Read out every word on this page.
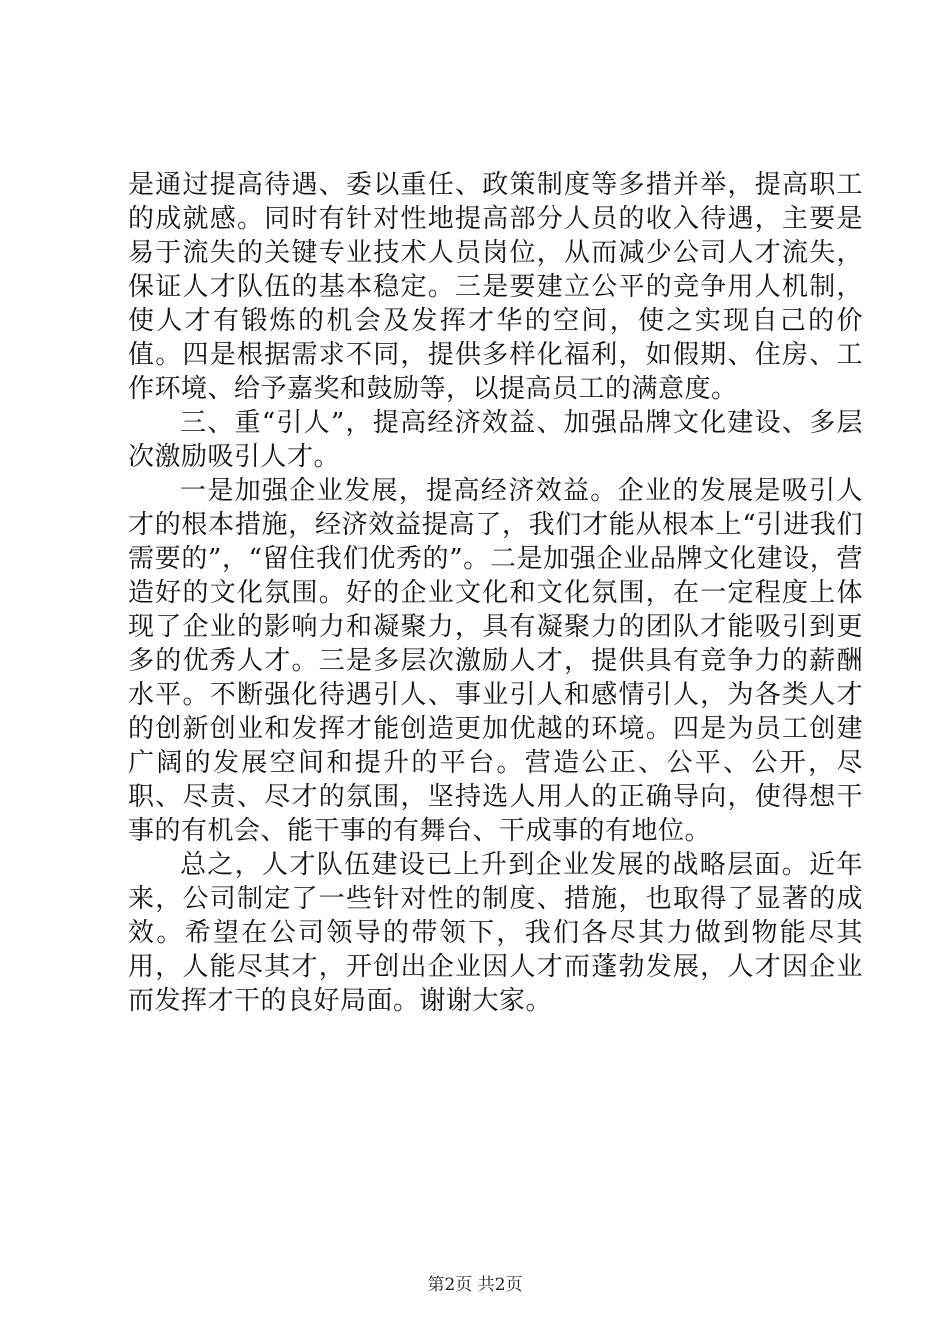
是通过提高待遇、委以重任、政策制度等多措并举，提高职工的成就感。同时有针对性地提高部分人员的收入待遇，主要是易于流失的关键专业技术人员岗位，从而减少公司人才流失，保证人才队伍的基本稳定。三是要建立公平的竞争用人机制，使人才有锻炼的机会及发挥才华的空间，使之实现自己的价值。四是根据需求不同，提供多样化福利，如假期、住房、工作环境、给予嘉奖和鼓励等，以提高员工的满意度。

三、重“引人”，提高经济效益、加强品牌文化建设、多层次激励吸引人才。

一是加强企业发展，提高经济效益。企业的发展是吸引人才的根本措施，经济效益提高了，我们才能从根本上“引进我们需要的”，“留住我们优秀的”。二是加强企业品牌文化建设，营造好的文化氛围。好的企业文化和文化氛围，在一定程度上体现了企业的影响力和凝聚力，具有凝聚力的团队才能吸引到更多的优秀人才。三是多层次激励人才，提供具有竞争力的薪酬水平。不断强化待遇引人、事业引人和感情引人，为各类人才的创新创业和发挥才能创造更加优越的环境。四是为员工创建广阔的发展空间和提升的平台。营造公正、公平、公开，尽职、尽责、尽才的氛围，坚持选人用人的正确导向，使得想干事的有机会、能干事的有舞台、干成事的有地位。

总之，人才队伍建设已上升到企业发展的战略层面。近年来，公司制定了一些针对性的制度、措施，也取得了显著的成效。希望在公司领导的带领下，我们各尽其力做到物能尽其用，人能尽其才，开创出企业因人才而蓬勃发展，人才因企业而发挥才干的良好局面。谢谢大家。

第2页 共2页
